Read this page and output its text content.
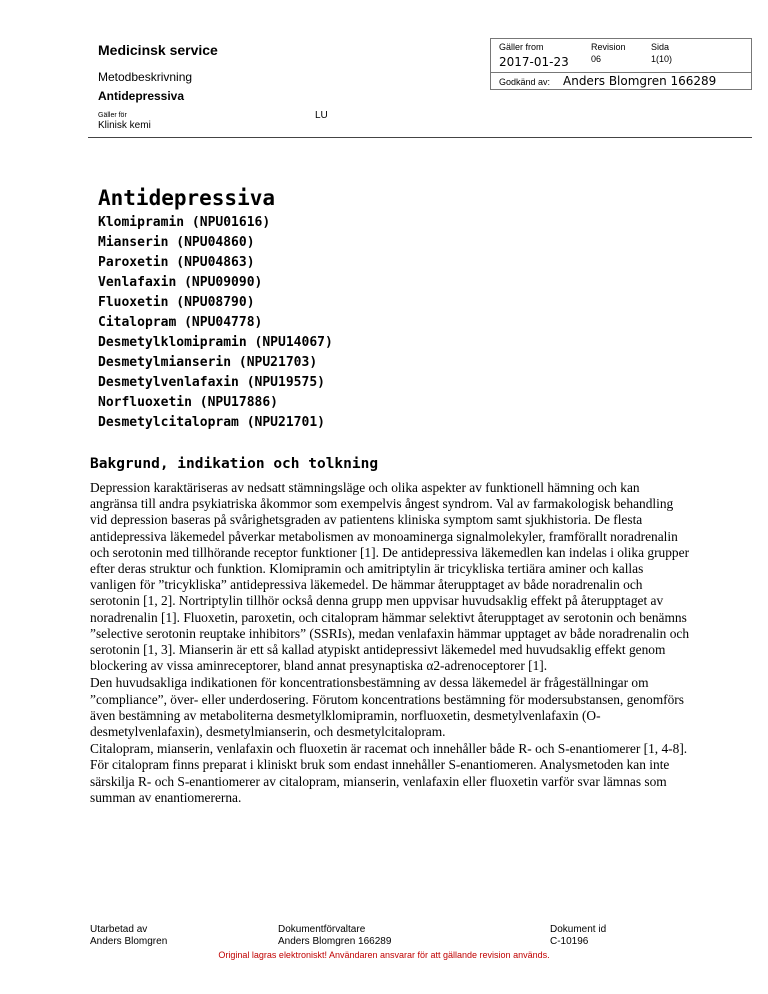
Medicinsk service
Metodbeskrivning
Antidepressiva
Gäller för
Klinisk kemi
LU
Gäller from
2017-01-23
Revision
06
Sida
1(10)
Godkänd av: Anders Blomgren 166289
Antidepressiva
Klomipramin (NPU01616)
Mianserin (NPU04860)
Paroxetin (NPU04863)
Venlafaxin (NPU09090)
Fluoxetin (NPU08790)
Citalopram (NPU04778)
Desmetylklomipramin (NPU14067)
Desmetylmianserin (NPU21703)
Desmetylvenlafaxin (NPU19575)
Norfluoxetin (NPU17886)
Desmetylcitalopram (NPU21701)
Bakgrund, indikation och tolkning

Depression karaktäriseras av nedsatt stämningsläge och olika aspekter av funktionell hämning och kan angränsa till andra psykiatriska åkommor som exempelvis ångest syndrom. Val av farmakologisk behandling vid depression baseras på svårighetsgraden av patientens kliniska symptom samt sjukhistoria. De flesta antidepressiva läkemedel påverkar metabolismen av monoaminerga signalmolekyler, framförallt noradrenalin och serotonin med tillhörande receptor funktioner [1]. De antidepressiva läkemedlen kan indelas i olika grupper efter deras struktur och funktion. Klomipramin och amitriptylin är tricykliska tertiära aminer och kallas vanligen för ”tricykliska” antidepressiva läkemedel. De hämmar återupptaget av både noradrenalin och serotonin [1, 2]. Nortriptylin tillhör också denna grupp men uppvisar huvudsaklig effekt på återupptaget av noradrenalin [1]. Fluoxetin, paroxetin, och citalopram hämmar selektivt återupptaget av serotonin och benämns ”selective serotonin reuptake inhibitors” (SSRIs), medan venlafaxin hämmar upptaget av både noradrenalin och serotonin [1, 3]. Mianserin är ett så kallad atypiskt antidepressivt läkemedel med huvudsaklig effekt genom blockering av vissa aminreceptorer, bland annat presynaptiska α2-adrenoceptorer [1].

Den huvudsakliga indikationen för koncentrationsbestämning av dessa läkemedel är frågeställningar om ”compliance”, över- eller underdosering. Förutom koncentrations bestämning för modersubstansen, genomförs även bestämning av metaboliterna desmetylklomipramin, norfluoxetin, desmetylvenlafaxin (O-desmetylvenlafaxin), desmetylmianserin, och desmetylcitalopram.

Citalopram, mianserin, venlafaxin och fluoxetin är racemat och innehåller både R- och S-enantiomerer [1, 4-8]. För citalopram finns preparat i kliniskt bruk som endast innehåller S-enantiomeren. Analysmetoden kan inte särskilja R- och S-enantiomerer av citalopram, mianserin, venlafaxin eller fluoxetin varför svar lämnas som summan av enantiomererna.

Utarbetad av
Anders Blomgren
Dokumentförvaltare
Anders Blomgren 166289
Dokument id
C-10196
Original lagras elektroniskt! Användaren ansvarar för att gällande revision används.
